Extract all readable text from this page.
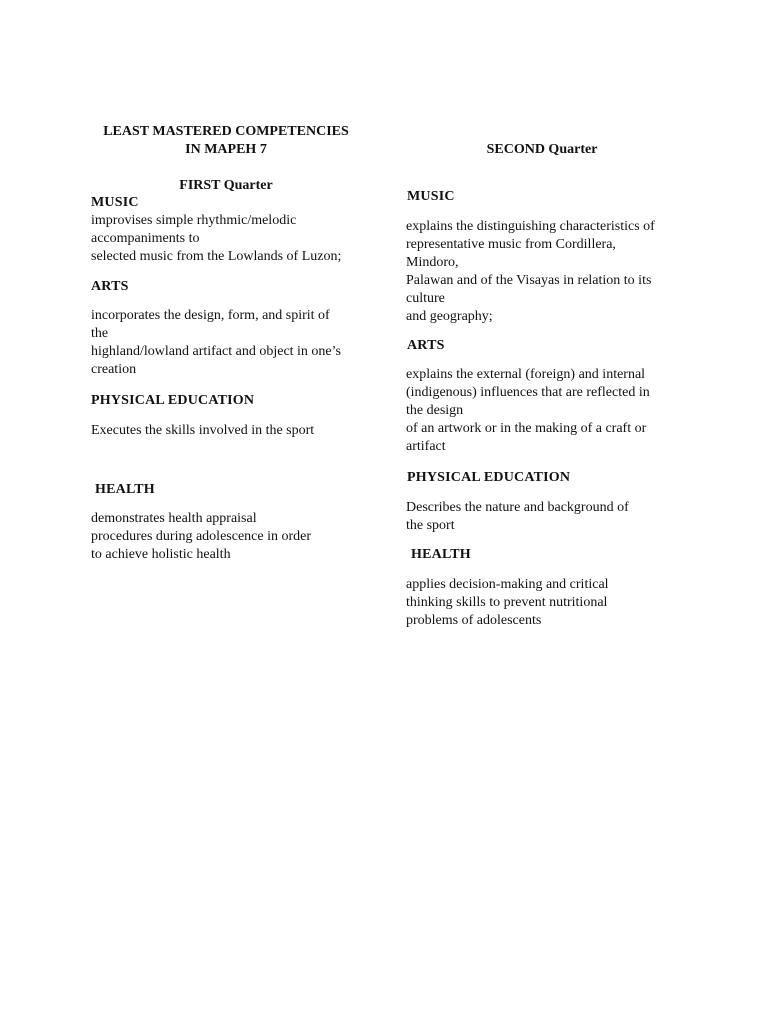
LEAST MASTERED COMPETENCIES
IN MAPEH 7
FIRST Quarter
MUSIC
improvises simple rhythmic/melodic
accompaniments to
selected music from the Lowlands of Luzon;
ARTS
incorporates the design, form, and spirit of
the
highland/lowland artifact and object in one’s
creation
PHYSICAL EDUCATION
Executes the skills involved in the sport
HEALTH
demonstrates health appraisal
procedures during adolescence in order
to achieve holistic health
SECOND Quarter
MUSIC
explains the distinguishing characteristics of
representative music from Cordillera,
Mindoro,
Palawan and of the Visayas in relation to its
culture
and geography;
ARTS
explains the external (foreign) and internal
(indigenous) influences that are reflected in
the design
of an artwork or in the making of a craft or
artifact
PHYSICAL EDUCATION
Describes the nature and background of
the sport
HEALTH
applies decision-making and critical
thinking skills to prevent nutritional
problems of adolescents
